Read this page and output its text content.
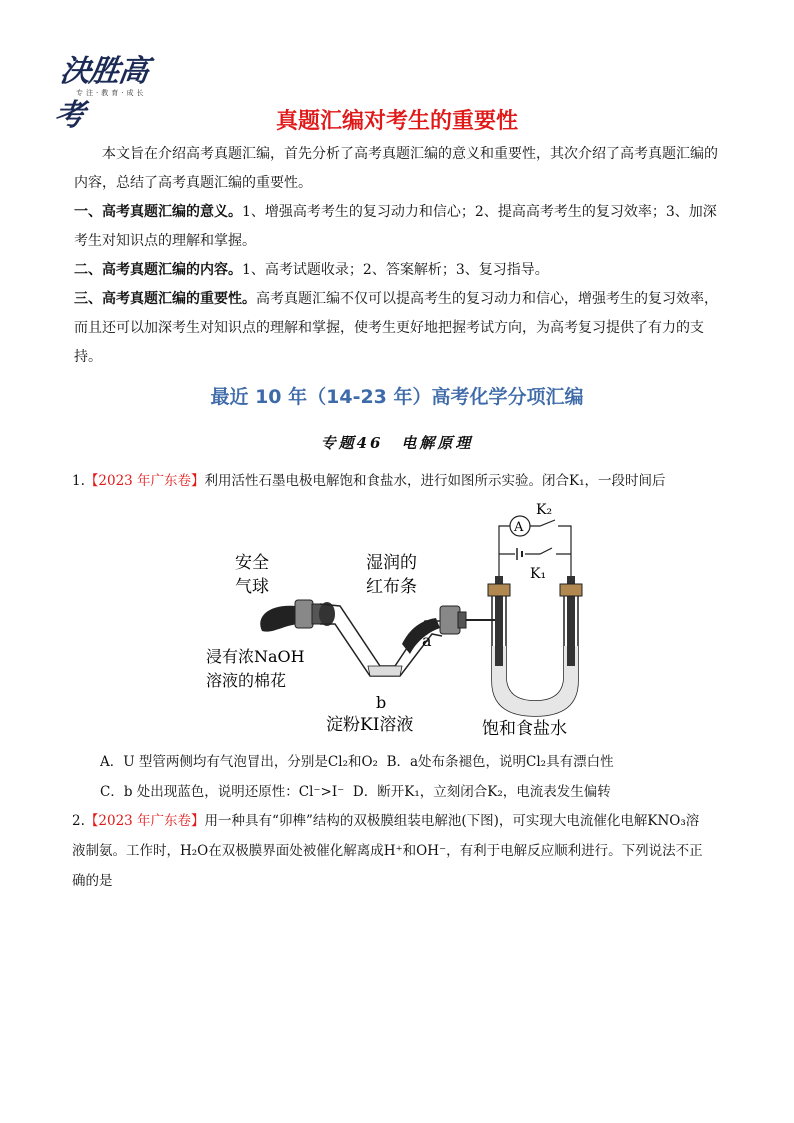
決胜高考
专注·教育·成长
真题汇编对考生的重要性

本文旨在介绍高考真题汇编，首先分析了高考真题汇编的意义和重要性，其次介绍了高考真题汇编的内容，总结了高考真题汇编的重要性。

一、高考真题汇编的意义。1、增强高考考生的复习动力和信心；2、提高高考考生的复习效率；3、加深考生对知识点的理解和掌握。

二、高考真题汇编的内容。1、高考试题收录；2、答案解析；3、复习指导。

三、高考真题汇编的重要性。高考真题汇编不仅可以提高考生的复习动力和信心，增强考生的复习效率，而且还可以加深考生对知识点的理解和掌握，使考生更好地把握考试方向，为高考复习提供了有力的支持。

最近 10 年（14-23 年）高考化学分项汇编
专题46　电解原理

1.【2023 年广东卷】利用活性石墨电极电解饱和食盐水，进行如图所示实验。闭合K₁，一段时间后

A
K₂
K₁
安全
气球
湿润的
红布条
浸有浓NaOH
溶液的棉花
b
a
淀粉KI溶液	饱和食盐水
A．U 型管两侧均有气泡冒出，分别是Cl₂和O₂ B．a处布条褪色，说明Cl₂具有漂白性
C．b 处出现蓝色，说明还原性：Cl⁻>I⁻ D．断开K₁，立刻闭合K₂，电流表发生偏转

2.【2023 年广东卷】用一种具有“卯榫”结构的双极膜组装电解池(下图)，可实现大电流催化电解KNO₃溶液制氨。工作时，H₂O在双极膜界面处被催化解离成H⁺和OH⁻，有利于电解反应顺利进行。下列说法不正确的是
